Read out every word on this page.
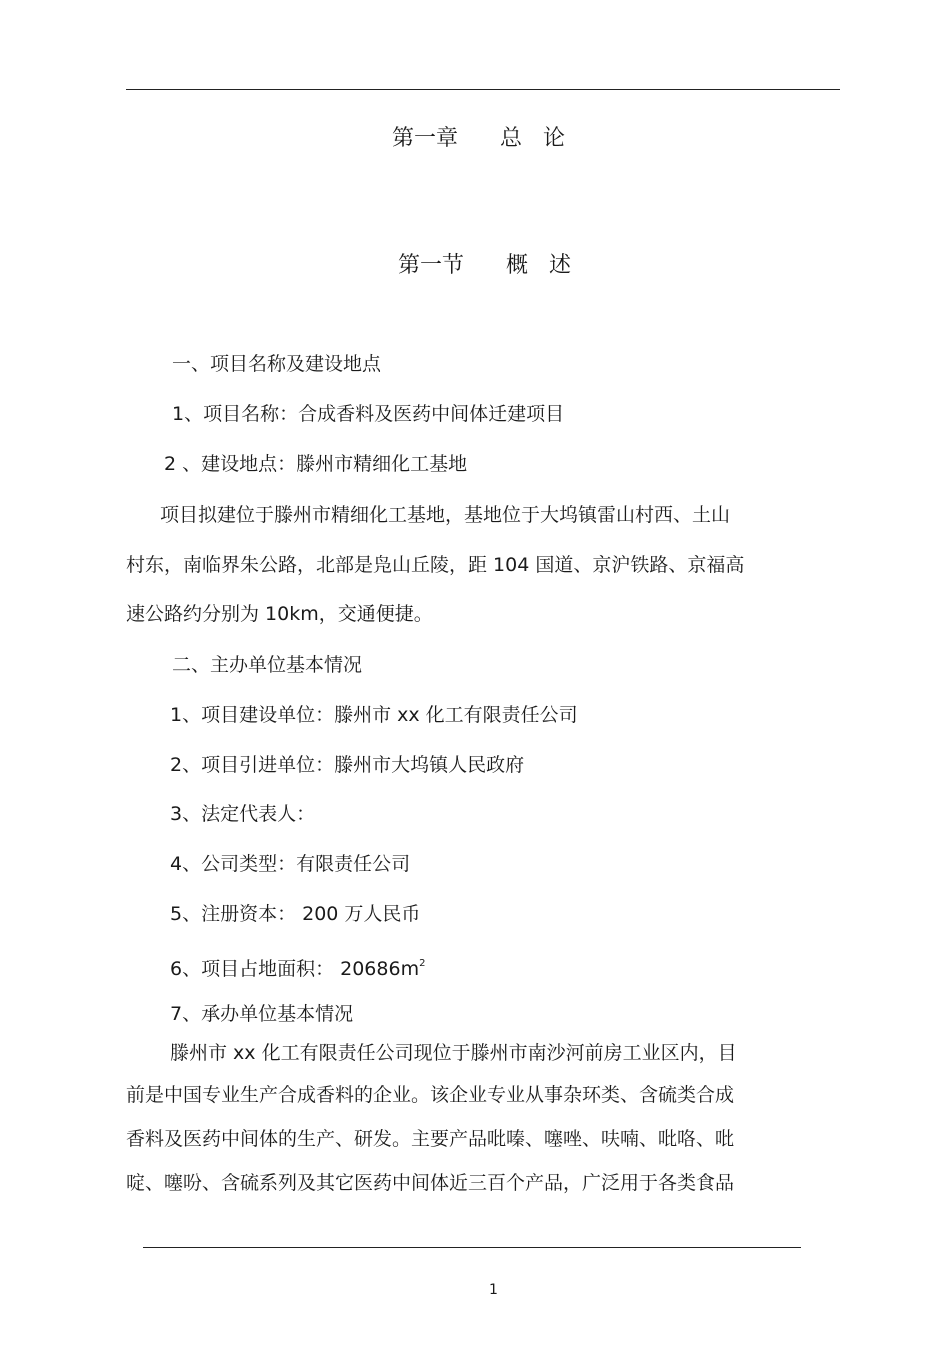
第一章      总   论
第一节      概   述
一、项目名称及建设地点
1、项目名称：合成香料及医药中间体迁建项目
2 、建设地点：滕州市精细化工基地
项目拟建位于滕州市精细化工基地，基地位于大坞镇雷山村西、土山
村东，南临界朱公路，北部是凫山丘陵，距 104 国道、京沪铁路、京福高
速公路约分别为 10km，交通便捷。
二、主办单位基本情况
1、项目建设单位：滕州市 xx 化工有限责任公司
2、项目引进单位：滕州市大坞镇人民政府
3、法定代表人：
4、公司类型：有限责任公司
5、注册资本： 200 万人民币
6、项目占地面积： $20686m^2$
7、承办单位基本情况
滕州市 xx 化工有限责任公司现位于滕州市南沙河前房工业区内，目
前是中国专业生产合成香料的企业。该企业专业从事杂环类、含硫类合成
香料及医药中间体的生产、研发。主要产品吡嗪、噻唑、呋喃、吡咯、吡
啶、噻吩、含硫系列及其它医药中间体近三百个产品，广泛用于各类食品
1
